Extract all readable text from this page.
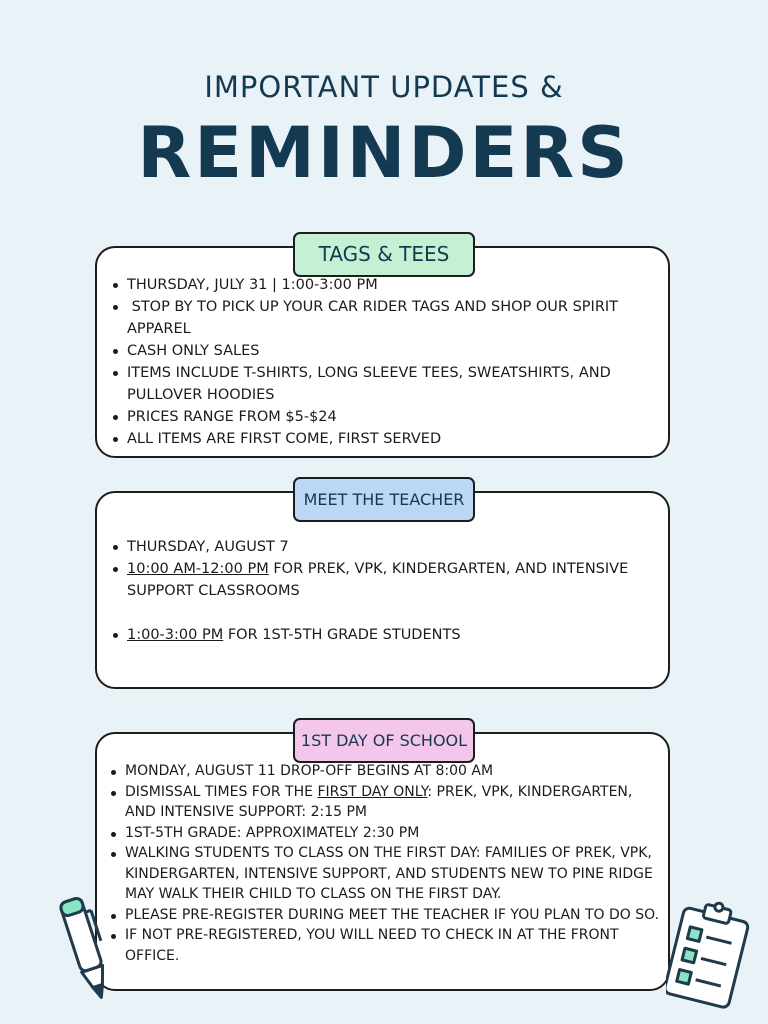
IMPORTANT UPDATES &
REMINDERS
THURSDAY, JULY 31 | 1:00-3:00 PM
STOP BY TO PICK UP YOUR CAR RIDER TAGS AND SHOP OUR SPIRIT APPAREL
CASH ONLY SALES
ITEMS INCLUDE T-SHIRTS, LONG SLEEVE TEES, SWEATSHIRTS, AND PULLOVER HOODIES
PRICES RANGE FROM $5-$24
ALL ITEMS ARE FIRST COME, FIRST SERVED
TAGS & TEES
THURSDAY, AUGUST 7
10:00 AM-12:00 PM FOR PREK, VPK, KINDERGARTEN, AND INTENSIVE SUPPORT CLASSROOMS
1:00-3:00 PM FOR 1ST-5TH GRADE STUDENTS
MEET THE TEACHER
MONDAY, AUGUST 11 DROP-OFF BEGINS AT 8:00 AM
DISMISSAL TIMES FOR THE FIRST DAY ONLY: PREK, VPK, KINDERGARTEN, AND INTENSIVE SUPPORT: 2:15 PM
1ST-5TH GRADE: APPROXIMATELY 2:30 PM
WALKING STUDENTS TO CLASS ON THE FIRST DAY: FAMILIES OF PREK, VPK, KINDERGARTEN, INTENSIVE SUPPORT, AND STUDENTS NEW TO PINE RIDGE MAY WALK THEIR CHILD TO CLASS ON THE FIRST DAY.
PLEASE PRE-REGISTER DURING MEET THE TEACHER IF YOU PLAN TO DO SO.
IF NOT PRE-REGISTERED, YOU WILL NEED TO CHECK IN AT THE FRONT OFFICE.
1ST DAY OF SCHOOL
